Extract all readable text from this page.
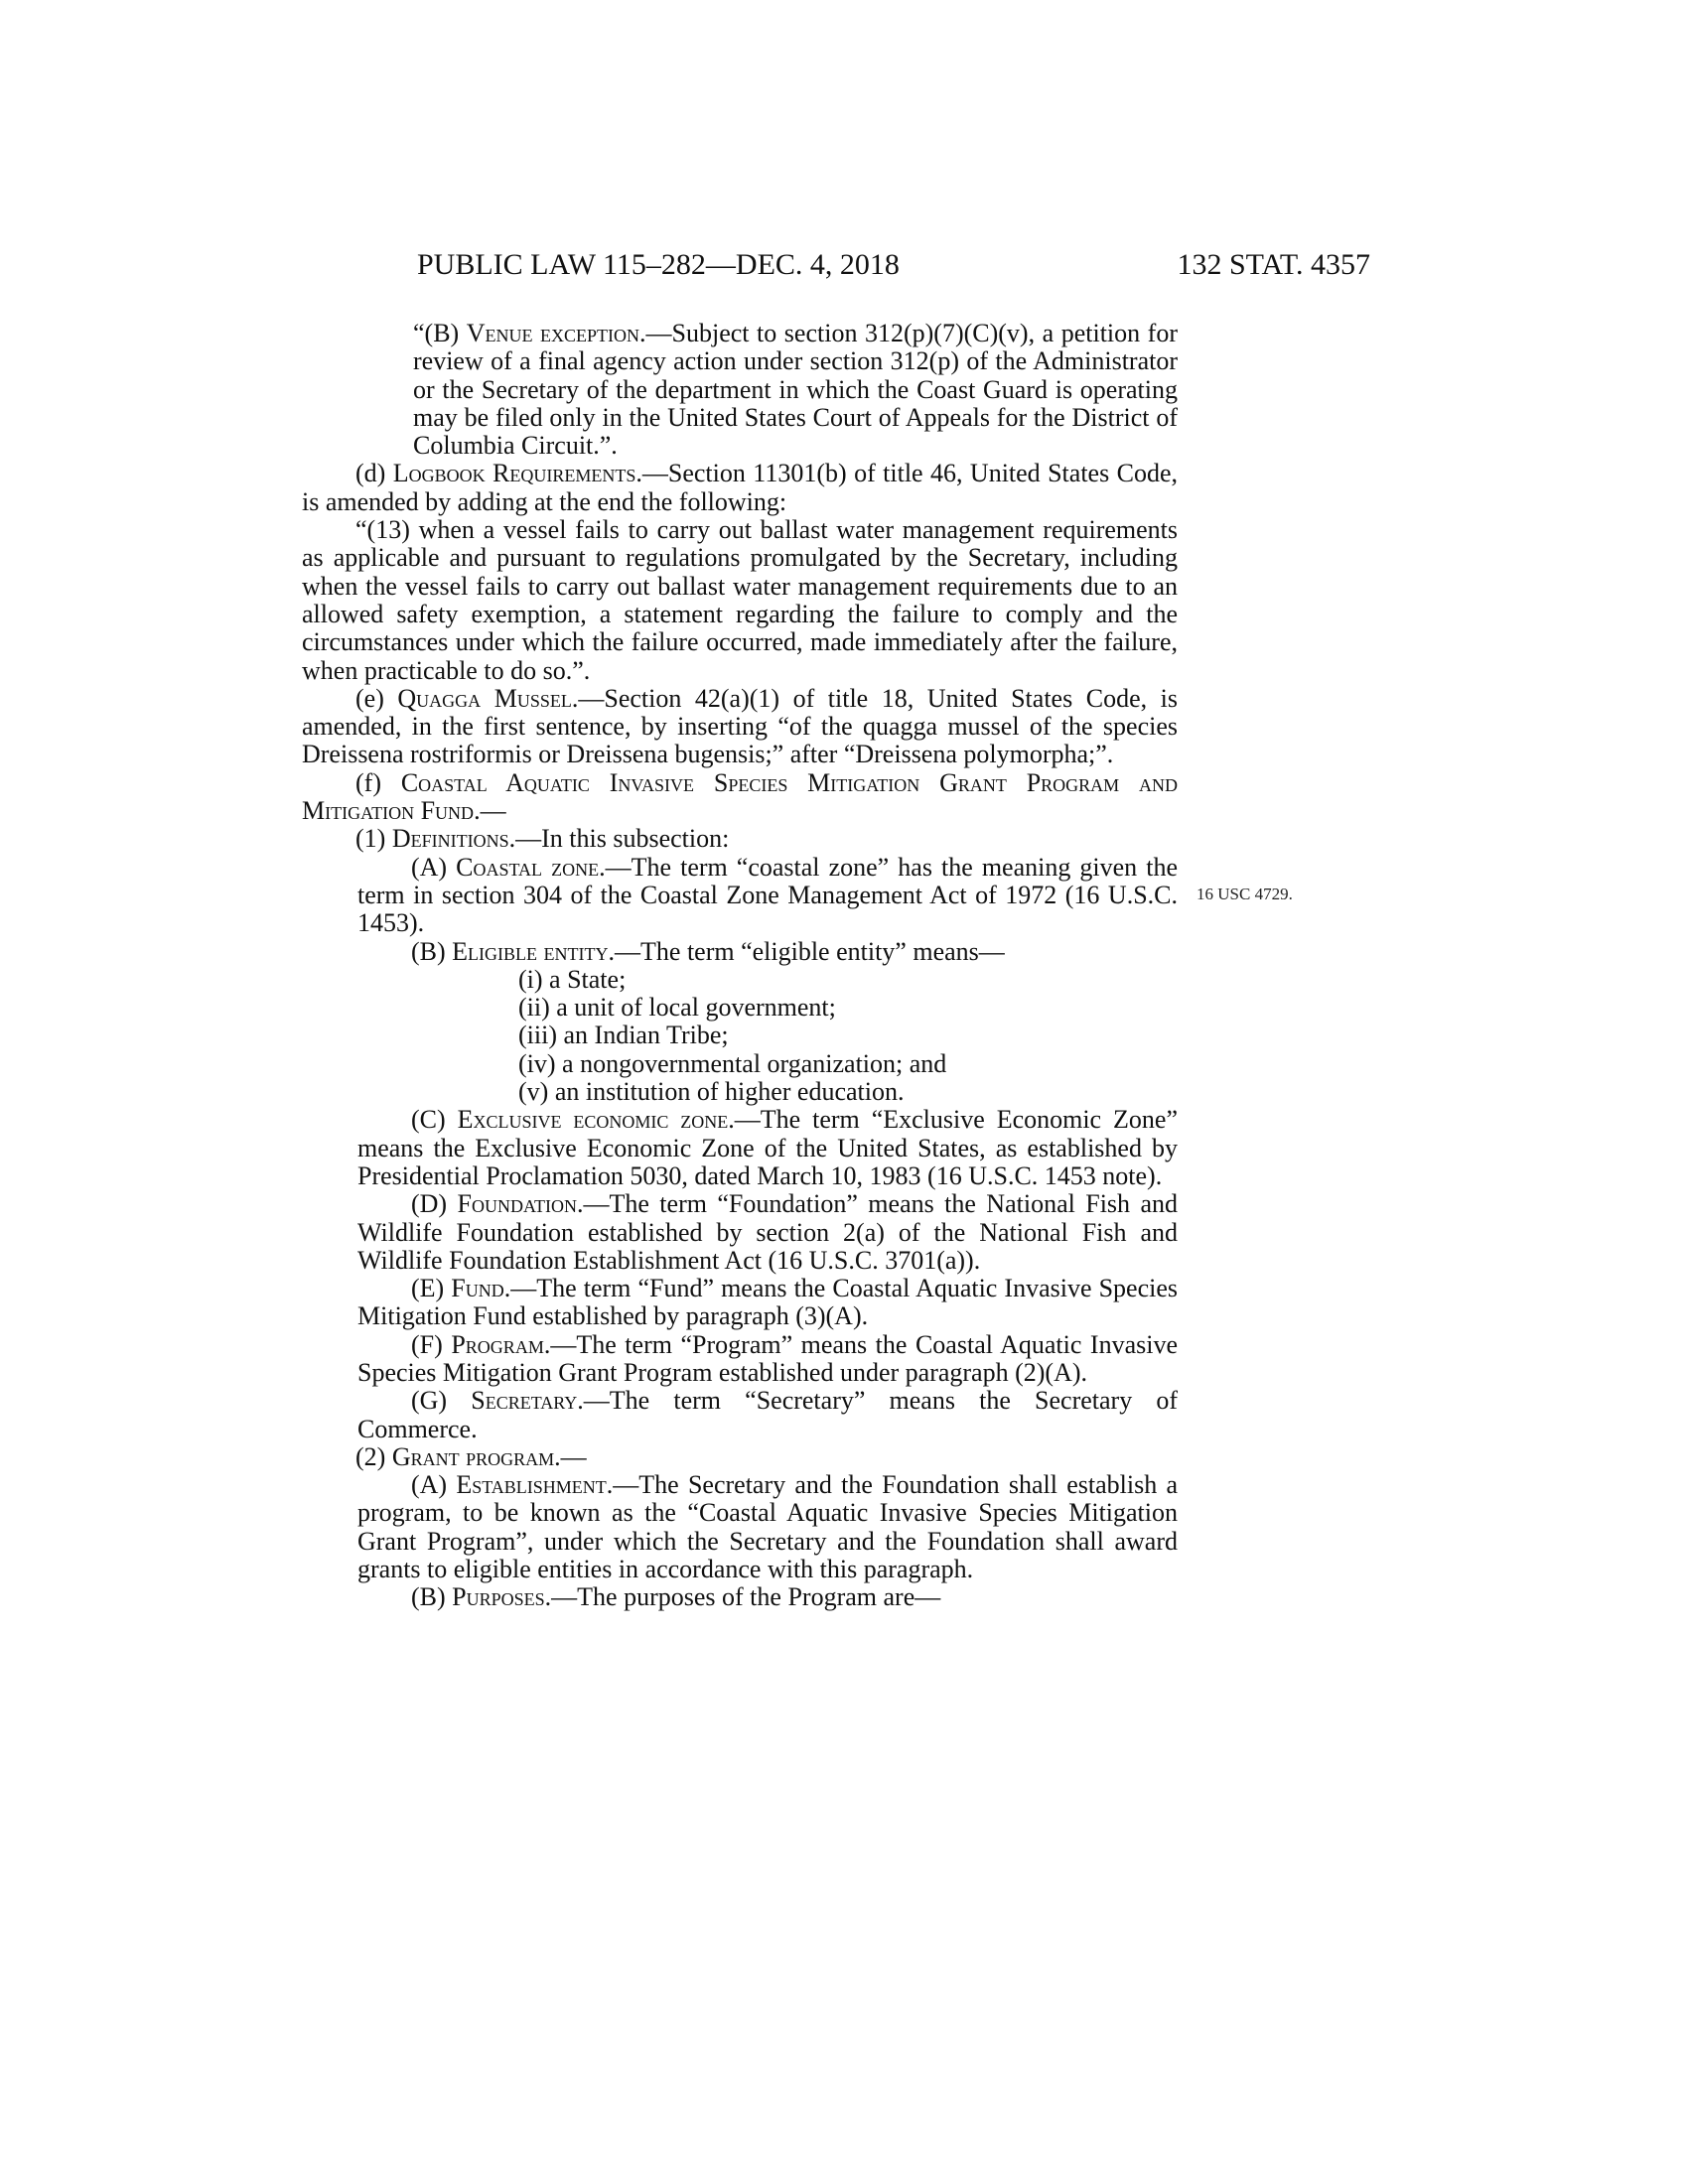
PUBLIC LAW 115–282—DEC. 4, 2018	132 STAT. 4357

“(B) Venue exception.—Subject to section 312(p)(7)(C)(v), a petition for review of a final agency action under section 312(p) of the Administrator or the Secretary of the department in which the Coast Guard is operating may be filed only in the United States Court of Appeals for the District of Columbia Circuit.”.

(d) Logbook Requirements.—Section 11301(b) of title 46, United States Code, is amended by adding at the end the following:

“(13) when a vessel fails to carry out ballast water management requirements as applicable and pursuant to regulations promulgated by the Secretary, including when the vessel fails to carry out ballast water management requirements due to an allowed safety exemption, a statement regarding the failure to comply and the circumstances under which the failure occurred, made immediately after the failure, when practicable to do so.”.

(e) Quagga Mussel.—Section 42(a)(1) of title 18, United States Code, is amended, in the first sentence, by inserting “of the quagga mussel of the species Dreissena rostriformis or Dreissena bugensis;” after “Dreissena polymorpha;”.

(f) Coastal Aquatic Invasive Species Mitigation Grant Program and Mitigation Fund.—

(1) Definitions.—In this subsection:

(A) Coastal zone.—The term “coastal zone” has the meaning given the term in section 304 of the Coastal Zone Management Act of 1972 (16 U.S.C. 1453).

(B) Eligible entity.—The term “eligible entity” means—

(i) a State;

(ii) a unit of local government;

(iii) an Indian Tribe;

(iv) a nongovernmental organization; and

(v) an institution of higher education.

(C) Exclusive economic zone.—The term “Exclusive Economic Zone” means the Exclusive Economic Zone of the United States, as established by Presidential Proclamation 5030, dated March 10, 1983 (16 U.S.C. 1453 note).

(D) Foundation.—The term “Foundation” means the National Fish and Wildlife Foundation established by section 2(a) of the National Fish and Wildlife Foundation Establishment Act (16 U.S.C. 3701(a)).

(E) Fund.—The term “Fund” means the Coastal Aquatic Invasive Species Mitigation Fund established by paragraph (3)(A).

(F) Program.—The term “Program” means the Coastal Aquatic Invasive Species Mitigation Grant Program established under paragraph (2)(A).

(G) Secretary.—The term “Secretary” means the Secretary of Commerce.

(2) Grant program.—

(A) Establishment.—The Secretary and the Foundation shall establish a program, to be known as the “Coastal Aquatic Invasive Species Mitigation Grant Program”, under which the Secretary and the Foundation shall award grants to eligible entities in accordance with this paragraph.

(B) Purposes.—The purposes of the Program are—

16 USC 4729.
